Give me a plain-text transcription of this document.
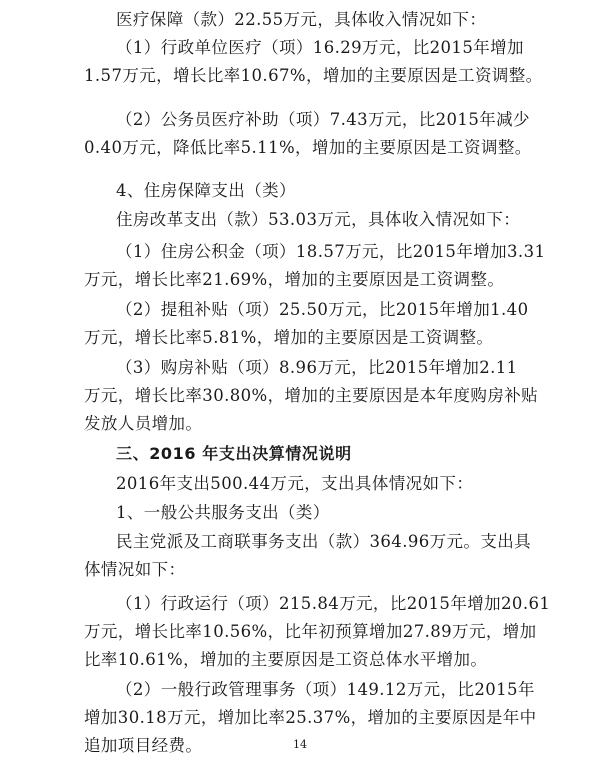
医疗保障（款）22.55万元，具体收入情况如下：
（1）行政单位医疗（项）16.29万元，比2015年增加
1.57万元，增长比率10.67%，增加的主要原因是工资调整。
（2）公务员医疗补助（项）7.43万元，比2015年减少
0.40万元，降低比率5.11%，增加的主要原因是工资调整。
4、住房保障支出（类）
住房改革支出（款）53.03万元，具体收入情况如下：
（1）住房公积金（项）18.57万元，比2015年增加3.31
万元，增长比率21.69%，增加的主要原因是工资调整。
（2）提租补贴（项）25.50万元，比2015年增加1.40
万元，增长比率5.81%，增加的主要原因是工资调整。
（3）购房补贴（项）8.96万元，比2015年增加2.11
万元，增长比率30.80%，增加的主要原因是本年度购房补贴
发放人员增加。
三、2016 年支出决算情况说明
2016年支出500.44万元，支出具体情况如下：
1、一般公共服务支出（类）
民主党派及工商联事务支出（款）364.96万元。支出具
体情况如下：
（1）行政运行（项）215.84万元，比2015年增加20.61
万元，增长比率10.56%，比年初预算增加27.89万元，增加
比率10.61%，增加的主要原因是工资总体水平增加。
（2）一般行政管理事务（项）149.12万元，比2015年
增加30.18万元，增加比率25.37%，增加的主要原因是年中
追加项目经费。	14
